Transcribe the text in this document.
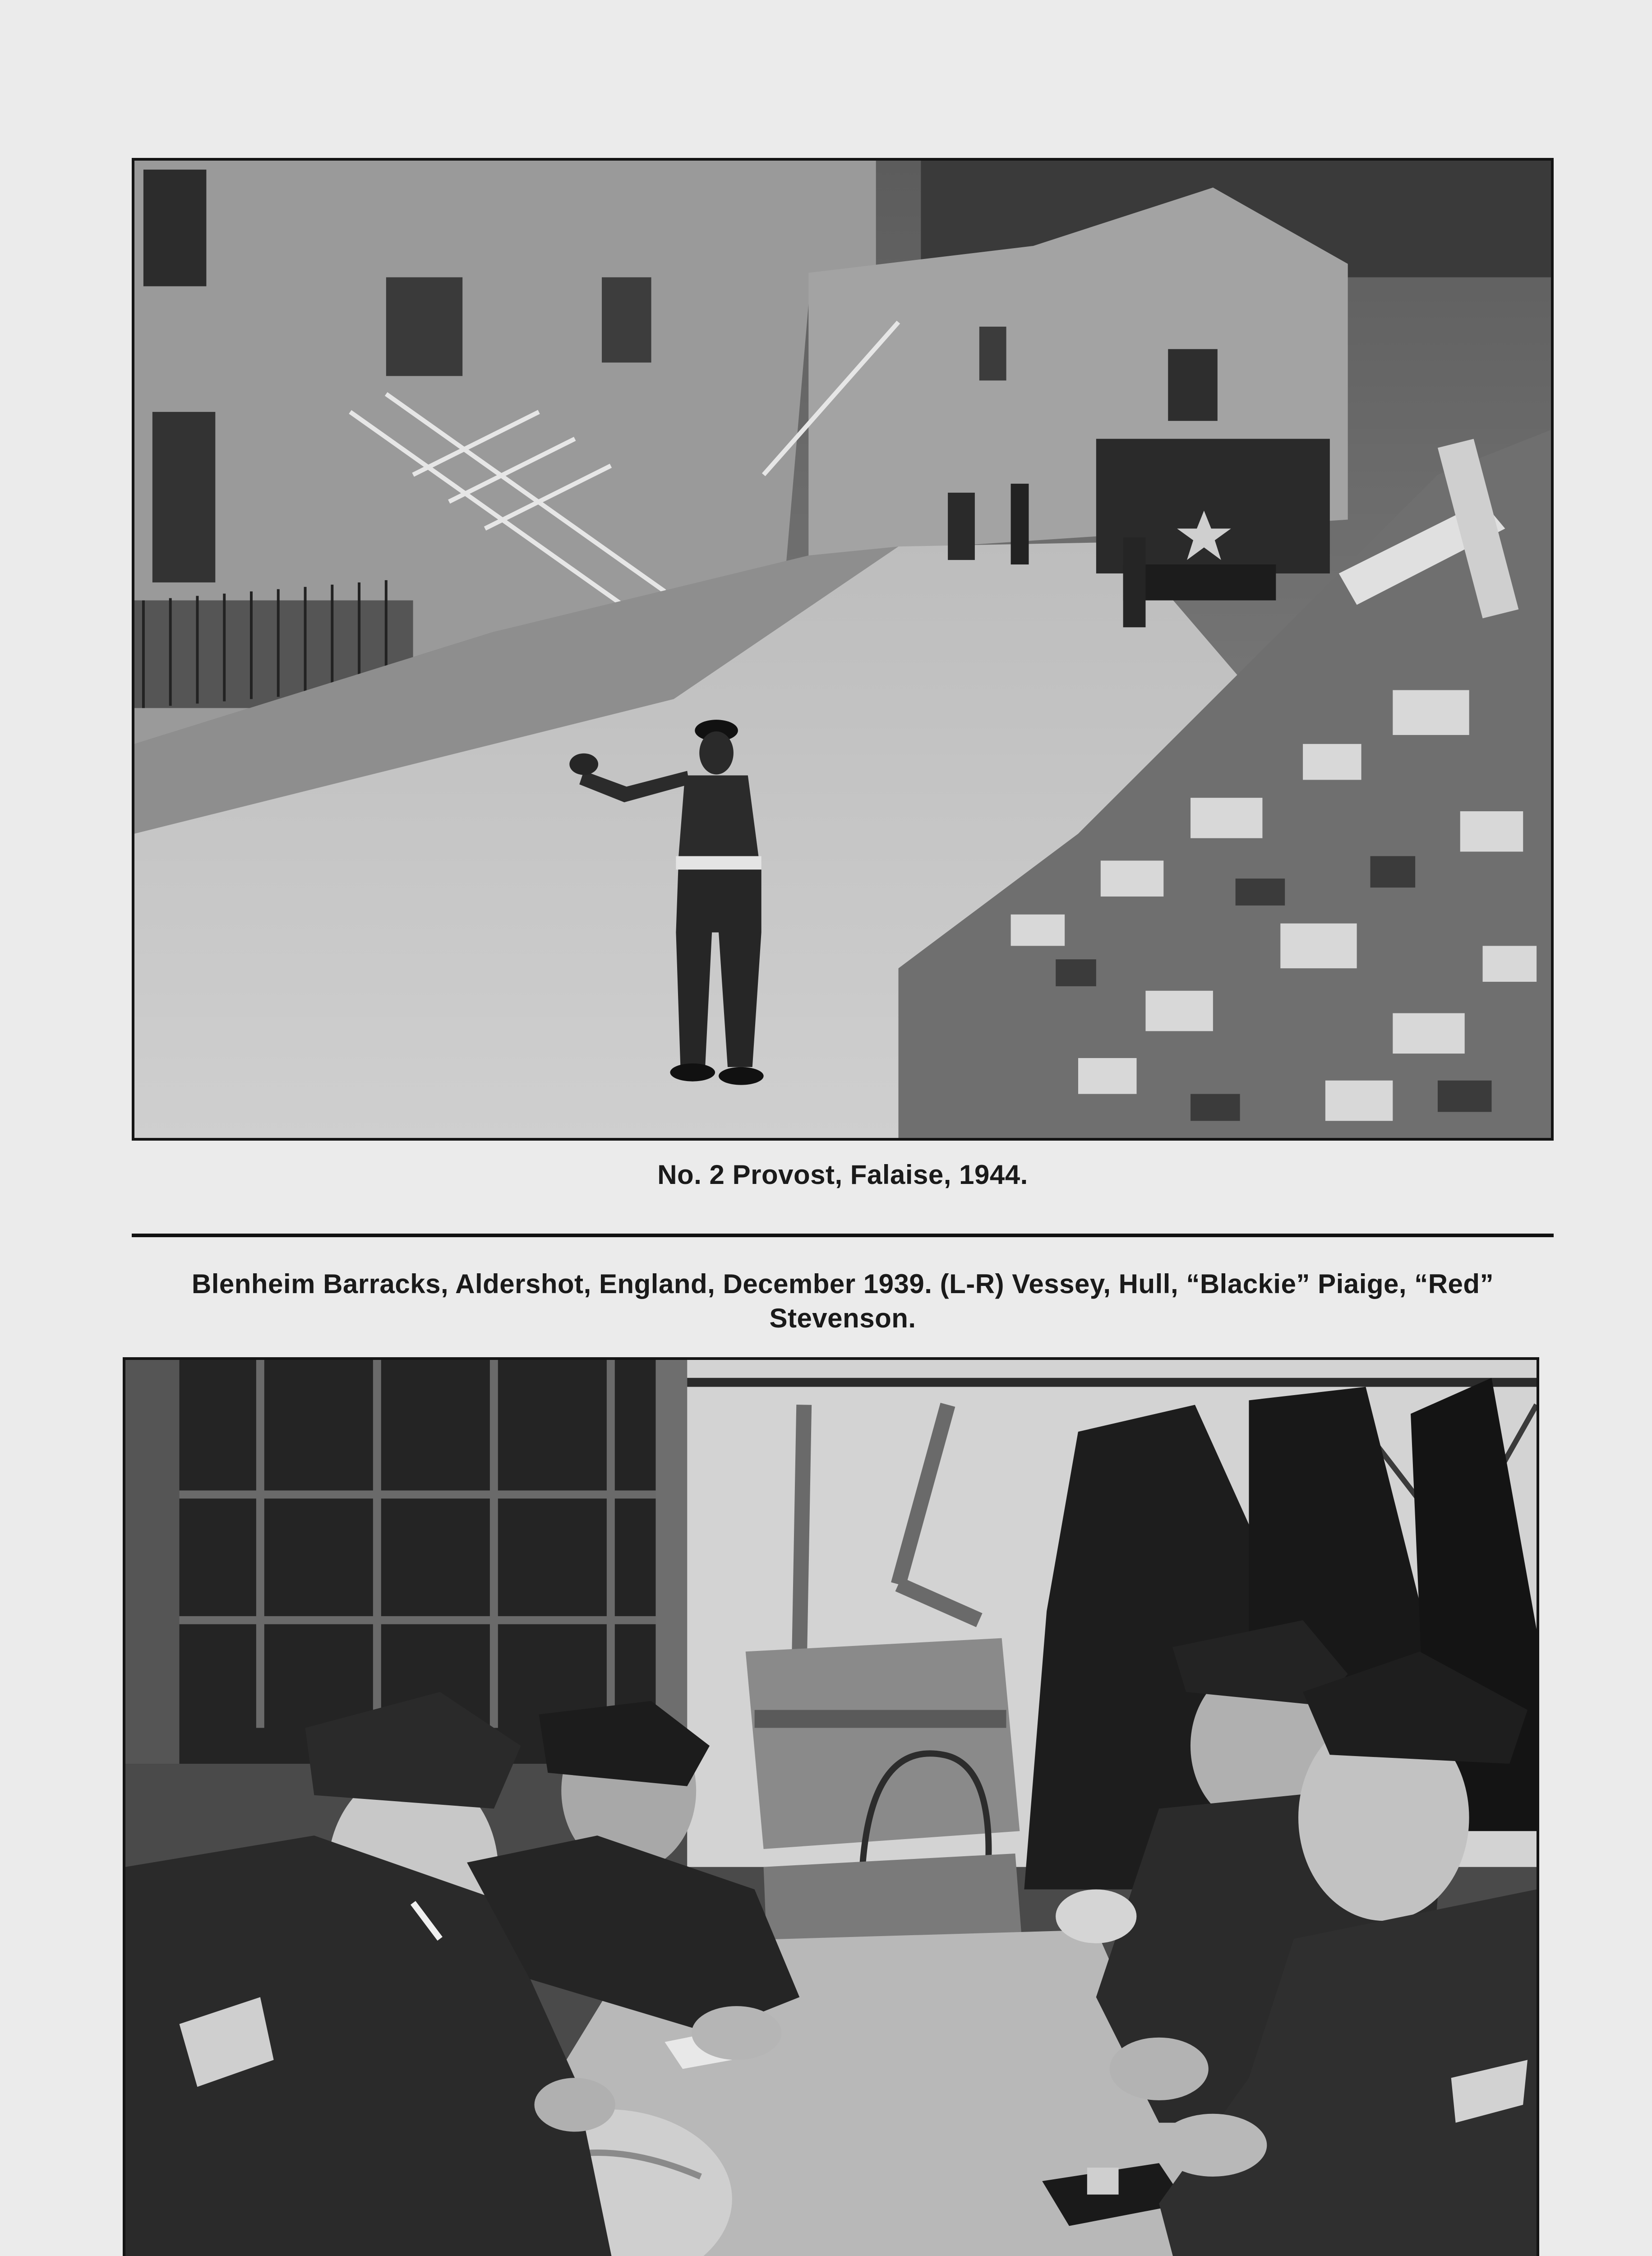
No. 2 Provost, Falaise, 1944.
Blenheim Barracks, Aldershot, England, December 1939. (L-R) Vessey, Hull, “Blackie” Piaige, “Red” Stevenson.
